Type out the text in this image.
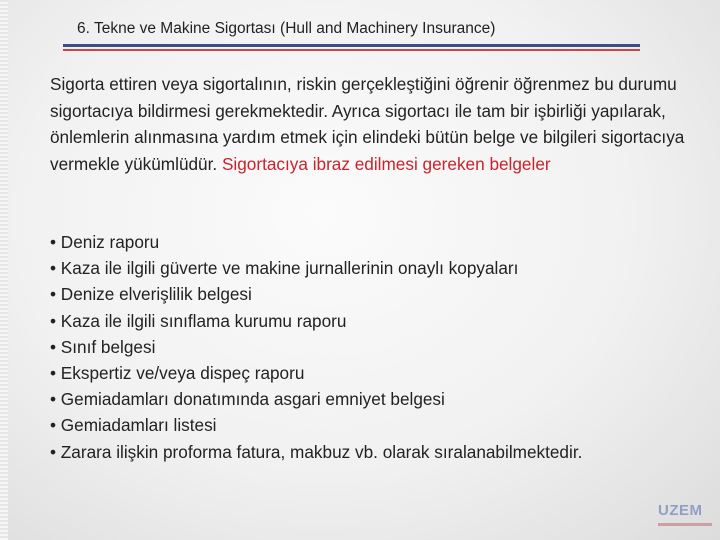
6. Tekne ve Makine Sigortası (Hull and Machinery Insurance)
Sigorta ettiren veya sigortalının, riskin gerçekleştiğini öğrenir öğrenmez bu durumu sigortacıya bildirmesi gerekmektedir. Ayrıca sigortacı ile tam bir işbirliği yapılarak, önlemlerin alınmasına yardım etmek için elindeki bütün belge ve bilgileri sigortacıya vermekle yükümlüdür. Sigortacıya ibraz edilmesi gereken belgeler
• Deniz raporu
• Kaza ile ilgili güverte ve makine jurnallerinin onaylı kopyaları
• Denize elverişlilik belgesi
• Kaza ile ilgili sınıflama kurumu raporu
• Sınıf belgesi
• Ekspertiz ve/veya dispeç raporu
• Gemiadamları donatımında asgari emniyet belgesi
• Gemiadamları listesi
• Zarara ilişkin proforma fatura, makbuz vb. olarak sıralanabilmektedir.
UZEM
